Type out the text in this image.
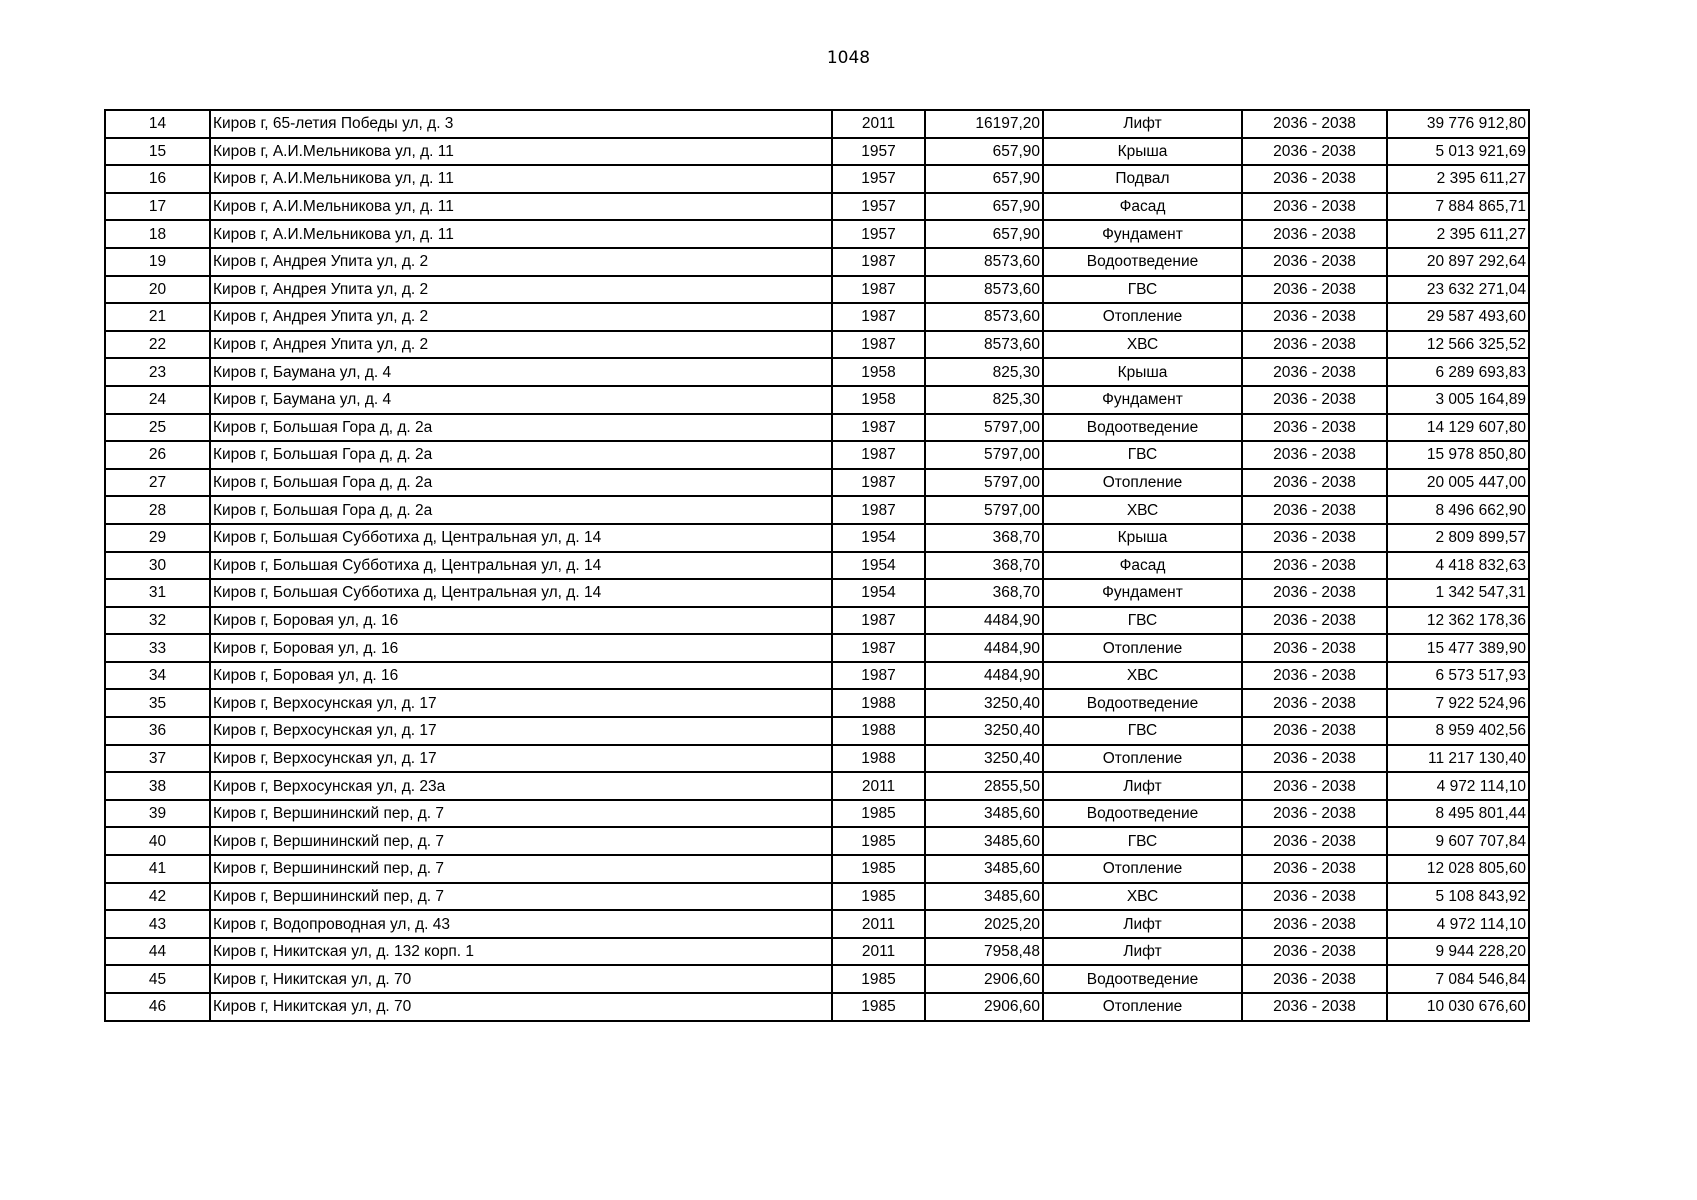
1048
14	Киров г, 65-летия Победы ул, д. 3	2011	16197,20	Лифт	2036 - 2038	39 776 912,80
15	Киров г, А.И.Мельникова ул, д. 11	1957	657,90	Крыша	2036 - 2038	5 013 921,69
16	Киров г, А.И.Мельникова ул, д. 11	1957	657,90	Подвал	2036 - 2038	2 395 611,27
17	Киров г, А.И.Мельникова ул, д. 11	1957	657,90	Фасад	2036 - 2038	7 884 865,71
18	Киров г, А.И.Мельникова ул, д. 11	1957	657,90	Фундамент	2036 - 2038	2 395 611,27
19	Киров г, Андрея Упита ул, д. 2	1987	8573,60	Водоотведение	2036 - 2038	20 897 292,64
20	Киров г, Андрея Упита ул, д. 2	1987	8573,60	ГВС	2036 - 2038	23 632 271,04
21	Киров г, Андрея Упита ул, д. 2	1987	8573,60	Отопление	2036 - 2038	29 587 493,60
22	Киров г, Андрея Упита ул, д. 2	1987	8573,60	ХВС	2036 - 2038	12 566 325,52
23	Киров г, Баумана ул, д. 4	1958	825,30	Крыша	2036 - 2038	6 289 693,83
24	Киров г, Баумана ул, д. 4	1958	825,30	Фундамент	2036 - 2038	3 005 164,89
25	Киров г, Большая Гора д, д. 2а	1987	5797,00	Водоотведение	2036 - 2038	14 129 607,80
26	Киров г, Большая Гора д, д. 2а	1987	5797,00	ГВС	2036 - 2038	15 978 850,80
27	Киров г, Большая Гора д, д. 2а	1987	5797,00	Отопление	2036 - 2038	20 005 447,00
28	Киров г, Большая Гора д, д. 2а	1987	5797,00	ХВС	2036 - 2038	8 496 662,90
29	Киров г, Большая Субботиха д, Центральная ул, д. 14	1954	368,70	Крыша	2036 - 2038	2 809 899,57
30	Киров г, Большая Субботиха д, Центральная ул, д. 14	1954	368,70	Фасад	2036 - 2038	4 418 832,63
31	Киров г, Большая Субботиха д, Центральная ул, д. 14	1954	368,70	Фундамент	2036 - 2038	1 342 547,31
32	Киров г, Боровая ул, д. 16	1987	4484,90	ГВС	2036 - 2038	12 362 178,36
33	Киров г, Боровая ул, д. 16	1987	4484,90	Отопление	2036 - 2038	15 477 389,90
34	Киров г, Боровая ул, д. 16	1987	4484,90	ХВС	2036 - 2038	6 573 517,93
35	Киров г, Верхосунская ул, д. 17	1988	3250,40	Водоотведение	2036 - 2038	7 922 524,96
36	Киров г, Верхосунская ул, д. 17	1988	3250,40	ГВС	2036 - 2038	8 959 402,56
37	Киров г, Верхосунская ул, д. 17	1988	3250,40	Отопление	2036 - 2038	11 217 130,40
38	Киров г, Верхосунская ул, д. 23а	2011	2855,50	Лифт	2036 - 2038	4 972 114,10
39	Киров г, Вершининский пер, д. 7	1985	3485,60	Водоотведение	2036 - 2038	8 495 801,44
40	Киров г, Вершининский пер, д. 7	1985	3485,60	ГВС	2036 - 2038	9 607 707,84
41	Киров г, Вершининский пер, д. 7	1985	3485,60	Отопление	2036 - 2038	12 028 805,60
42	Киров г, Вершининский пер, д. 7	1985	3485,60	ХВС	2036 - 2038	5 108 843,92
43	Киров г, Водопроводная ул, д. 43	2011	2025,20	Лифт	2036 - 2038	4 972 114,10
44	Киров г, Никитская ул, д. 132 корп. 1	2011	7958,48	Лифт	2036 - 2038	9 944 228,20
45	Киров г, Никитская ул, д. 70	1985	2906,60	Водоотведение	2036 - 2038	7 084 546,84
46	Киров г, Никитская ул, д. 70	1985	2906,60	Отопление	2036 - 2038	10 030 676,60
